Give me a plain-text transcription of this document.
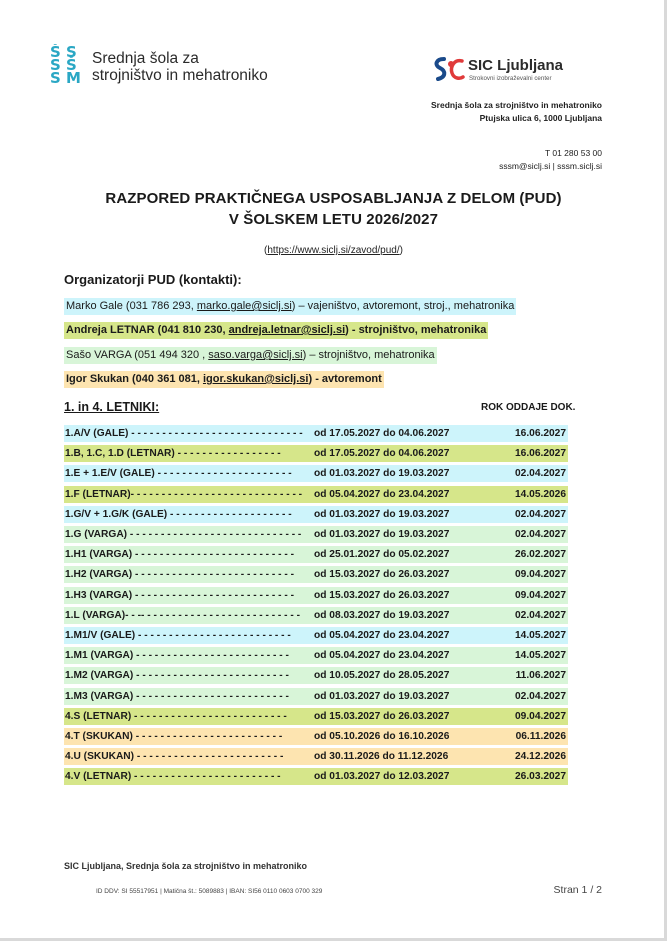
Š S
S Š
S M
Srednja šola za
strojništvo in mehatroniko
SIC Ljubljana
Strokovni izobraževalni center
Srednja šola za strojništvo in mehatroniko
Ptujska ulica 6, 1000 Ljubljana
T 01 280 53 00
sssm@siclj.si | sssm.siclj.si
RAZPORED PRAKTIČNEGA USPOSABLJANJA Z DELOM (PUD)
V ŠOLSKEM LETU 2026/2027
(https://www.siclj.si/zavod/pud/)
Organizatorji PUD (kontakti):
Marko Gale (031 786 293, marko.gale@siclj.si) – vajeništvo, avtoremont, stroj., mehatronika
Andreja LETNAR (041 810 230, andreja.letnar@siclj.si) - strojništvo, mehatronika
Sašo VARGA (051 494 320 , saso.varga@siclj.si) – strojništvo, mehatronika
Igor Skukan (040 361 081, igor.skukan@siclj.si) - avtoremont
1. in 4. LETNIKI:	ROK ODDAJE DOK.
1.A/V (GALE) - - - - - - - - - - - - - - - - - - - - - - - - - - - -	od 17.05.2027 do 04.06.2027	16.06.2027
1.B, 1.C, 1.D (LETNAR) - - - - - - - - - - - - - - - - -	od 17.05.2027 do 04.06.2027	16.06.2027
1.E + 1.E/V (GALE) - - - - - - - - - - - - - - - - - - - - - -	od 01.03.2027 do 19.03.2027	02.04.2027
1.F (LETNAR)- - - - - - - - - - - - - - - - - - - - - - - - - - - -	od 05.04.2027 do 23.04.2027	14.05.2026
1.G/V + 1.G/K (GALE) - - - - - - - - - - - - - - - - - - - -	od 01.03.2027 do 19.03.2027	02.04.2027
1.G (VARGA) - - - - - - - - - - - - - - - - - - - - - - - - - - - -	od 01.03.2027 do 19.03.2027	02.04.2027
1.H1 (VARGA) - - - - - - - - - - - - - - - - - - - - - - - - - -	od 25.01.2027 do 05.02.2027	26.02.2027
1.H2 (VARGA) - - - - - - - - - - - - - - - - - - - - - - - - - -	od 15.03.2027 do 26.03.2027	09.04.2027
1.H3 (VARGA) - - - - - - - - - - - - - - - - - - - - - - - - - -	od 15.03.2027 do 26.03.2027	09.04.2027
1.L (VARGA)- - -- - - - - - - - - - - - - - - - - - - - - - - - - -	od 08.03.2027 do 19.03.2027	02.04.2027
1.M1/V (GALE) - - - - - - - - - - - - - - - - - - - - - - - - -	od 05.04.2027 do 23.04.2027	14.05.2027
1.M1 (VARGA) - - - - - - - - - - - - - - - - - - - - - - - - -	od 05.04.2027 do 23.04.2027	14.05.2027
1.M2 (VARGA) - - - - - - - - - - - - - - - - - - - - - - - - -	od 10.05.2027 do 28.05.2027	11.06.2027
1.M3 (VARGA) - - - - - - - - - - - - - - - - - - - - - - - - -	od 01.03.2027 do 19.03.2027	02.04.2027
4.S (LETNAR) - - - - - - - - - - - - - - - - - - - - - - - - -	od 15.03.2027 do 26.03.2027	09.04.2027
4.T (SKUKAN) - - - - - - - - - - - - - - - - - - - - - - - -	od 05.10.2026 do 16.10.2026	06.11.2026
4.U (SKUKAN) - - - - - - - - - - - - - - - - - - - - - - - -	od 30.11.2026 do 11.12.2026	24.12.2026
4.V (LETNAR) - - - - - - - - - - - - - - - - - - - - - - - -	od 01.03.2027 do 12.03.2027	26.03.2027
SIC Ljubljana, Srednja šola za strojništvo in mehatroniko
ID DDV: SI 55517951 | Matična št.: 5089883 | IBAN: SI56 0110 0603 0700 329	Stran 1 / 2
